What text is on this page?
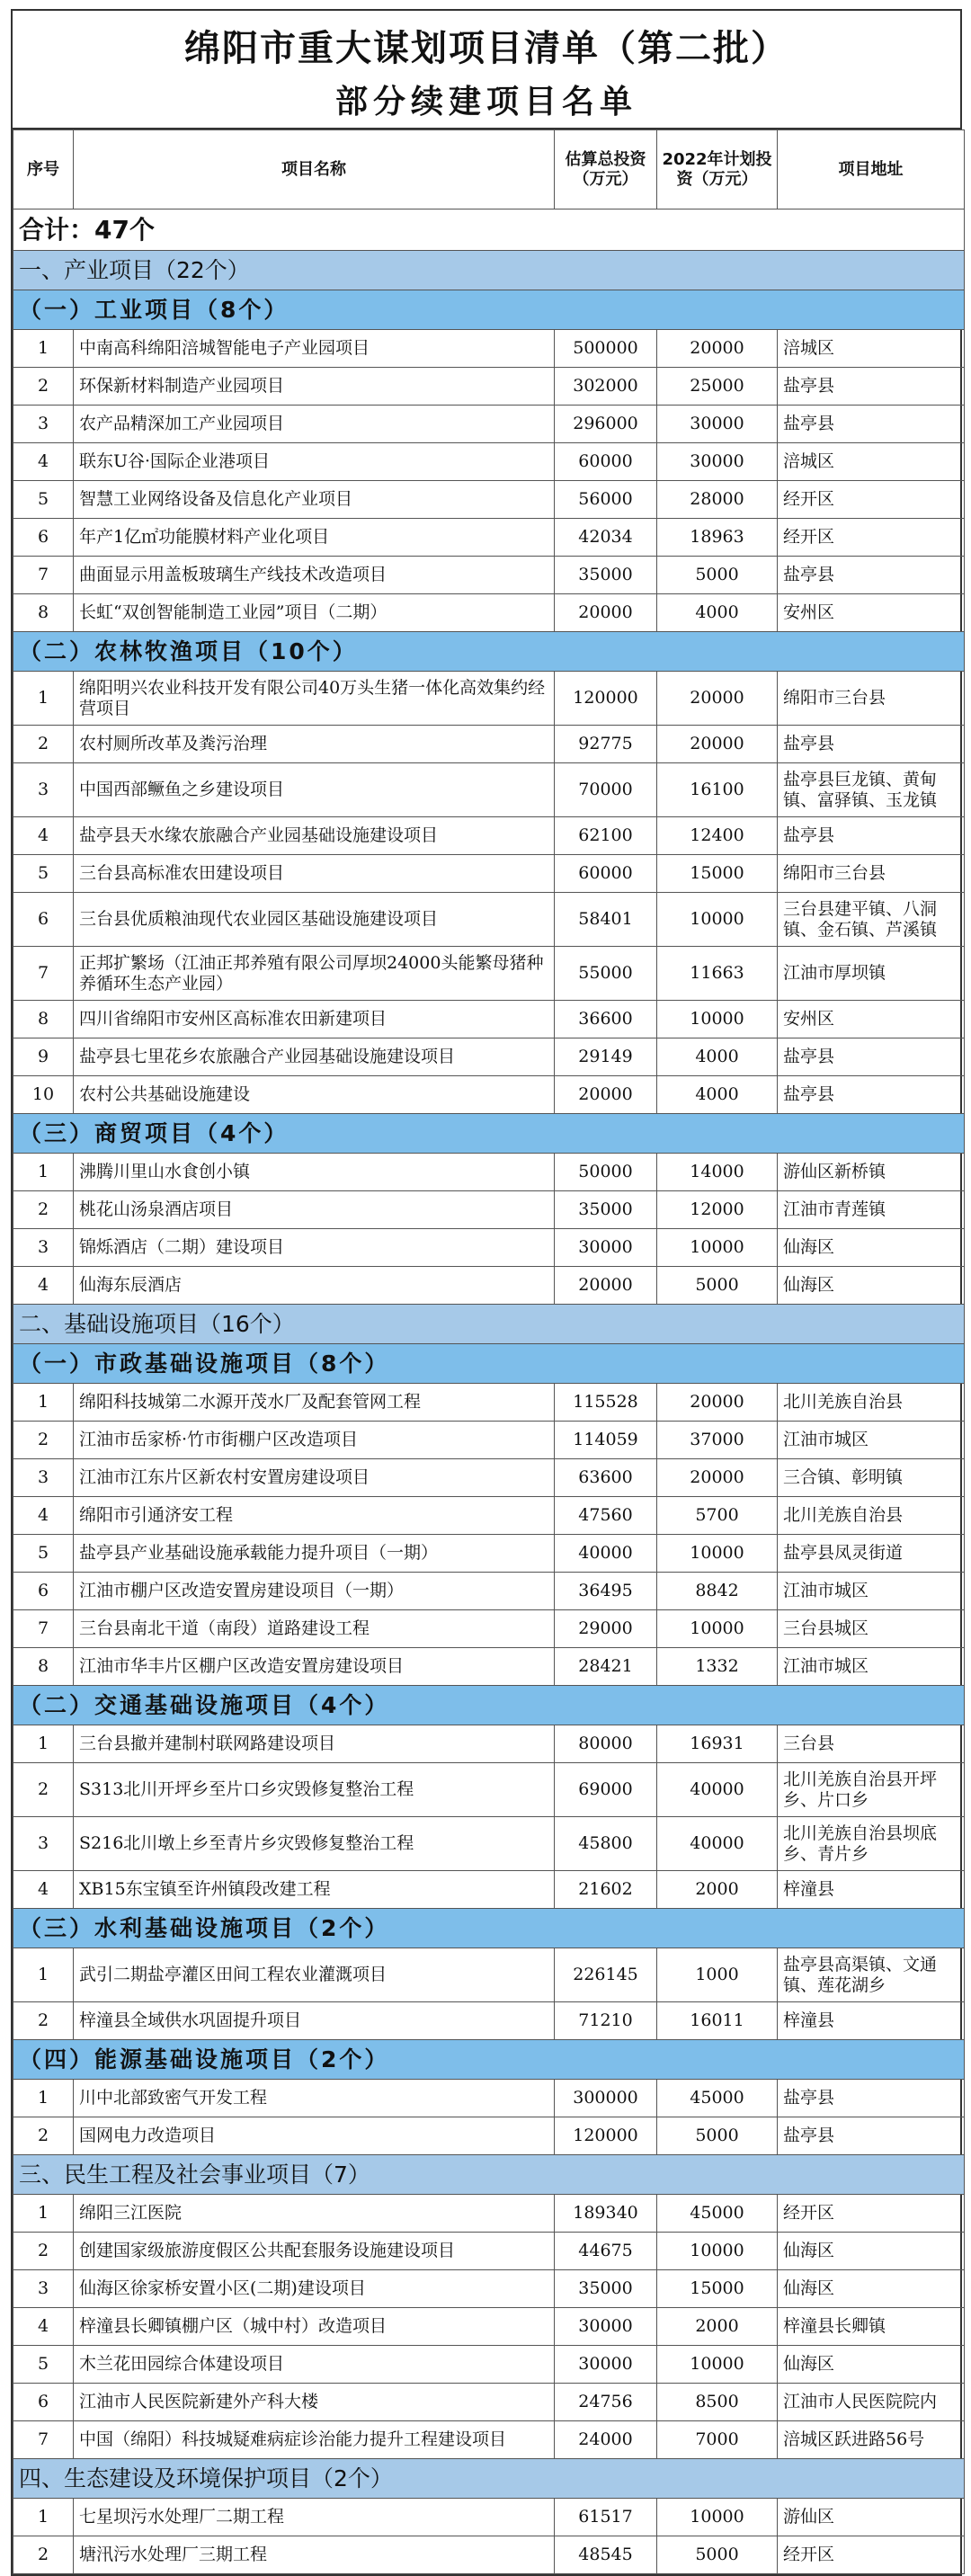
绵阳市重大谋划项目清单（第二批）
部分续建项目名单
序号	项目名称	估算总投资（万元）	2022年计划投资（万元）	项目地址
合计：47个				
一、产业项目（22个）				
（一）工业项目（8个）				
1	中南高科绵阳涪城智能电子产业园项目	500000	20000	涪城区
2	环保新材料制造产业园项目	302000	25000	盐亭县
3	农产品精深加工产业园项目	296000	30000	盐亭县
4	联东U谷·国际企业港项目	60000	30000	涪城区
5	智慧工业网络设备及信息化产业项目	56000	28000	经开区
6	年产1亿㎡功能膜材料产业化项目	42034	18963	经开区
7	曲面显示用盖板玻璃生产线技术改造项目	35000	5000	盐亭县
8	长虹“双创智能制造工业园”项目（二期）	20000	4000	安州区
（二）农林牧渔项目（10个）				
1	绵阳明兴农业科技开发有限公司40万头生猪一体化高效集约经营项目	120000	20000	绵阳市三台县
2	农村厕所改革及粪污治理	92775	20000	盐亭县
3	中国西部鳜鱼之乡建设项目	70000	16100	盐亭县巨龙镇、黄甸镇、富驿镇、玉龙镇
4	盐亭县天水缘农旅融合产业园基础设施建设项目	62100	12400	盐亭县
5	三台县高标准农田建设项目	60000	15000	绵阳市三台县
6	三台县优质粮油现代农业园区基础设施建设项目	58401	10000	三台县建平镇、八洞镇、金石镇、芦溪镇
7	正邦扩繁场（江油正邦养殖有限公司厚坝24000头能繁母猪种养循环生态产业园）	55000	11663	江油市厚坝镇
8	四川省绵阳市安州区高标准农田新建项目	36600	10000	安州区
9	盐亭县七里花乡农旅融合产业园基础设施建设项目	29149	4000	盐亭县
10	农村公共基础设施建设	20000	4000	盐亭县
（三）商贸项目（4个）				
1	沸腾川里山水食创小镇	50000	14000	游仙区新桥镇
2	桃花山汤泉酒店项目	35000	12000	江油市青莲镇
3	锦烁酒店（二期）建设项目	30000	10000	仙海区
4	仙海东辰酒店	20000	5000	仙海区
二、基础设施项目（16个）				
（一）市政基础设施项目（8个）				
1	绵阳科技城第二水源开茂水厂及配套管网工程	115528	20000	北川羌族自治县
2	江油市岳家桥·竹市街棚户区改造项目	114059	37000	江油市城区
3	江油市江东片区新农村安置房建设项目	63600	20000	三合镇、彰明镇
4	绵阳市引通济安工程	47560	5700	北川羌族自治县
5	盐亭县产业基础设施承载能力提升项目（一期）	40000	10000	盐亭县凤灵街道
6	江油市棚户区改造安置房建设项目（一期）	36495	8842	江油市城区
7	三台县南北干道（南段）道路建设工程	29000	10000	三台县城区
8	江油市华丰片区棚户区改造安置房建设项目	28421	1332	江油市城区
（二）交通基础设施项目（4个）				
1	三台县撤并建制村联网路建设项目	80000	16931	三台县
2	S313北川开坪乡至片口乡灾毁修复整治工程	69000	40000	北川羌族自治县开坪乡、片口乡
3	S216北川墩上乡至青片乡灾毁修复整治工程	45800	40000	北川羌族自治县坝底乡、青片乡
4	XB15东宝镇至许州镇段改建工程	21602	2000	梓潼县
（三）水利基础设施项目（2个）				
1	武引二期盐亭灌区田间工程农业灌溉项目	226145	1000	盐亭县高渠镇、文通镇、莲花湖乡
2	梓潼县全域供水巩固提升项目	71210	16011	梓潼县
（四）能源基础设施项目（2个）				
1	川中北部致密气开发工程	300000	45000	盐亭县
2	国网电力改造项目	120000	5000	盐亭县
三、民生工程及社会事业项目（7）				
1	绵阳三江医院	189340	45000	经开区
2	创建国家级旅游度假区公共配套服务设施建设项目	44675	10000	仙海区
3	仙海区徐家桥安置小区(二期)建设项目	35000	15000	仙海区
4	梓潼县长卿镇棚户区（城中村）改造项目	30000	2000	梓潼县长卿镇
5	木兰花田园综合体建设项目	30000	10000	仙海区
6	江油市人民医院新建外产科大楼	24756	8500	江油市人民医院院内
7	中国（绵阳）科技城疑难病症诊治能力提升工程建设项目	24000	7000	涪城区跃进路56号
四、生态建设及环境保护项目（2个）				
1	七星坝污水处理厂二期工程	61517	10000	游仙区
2	塘汛污水处理厂三期工程	48545	5000	经开区
